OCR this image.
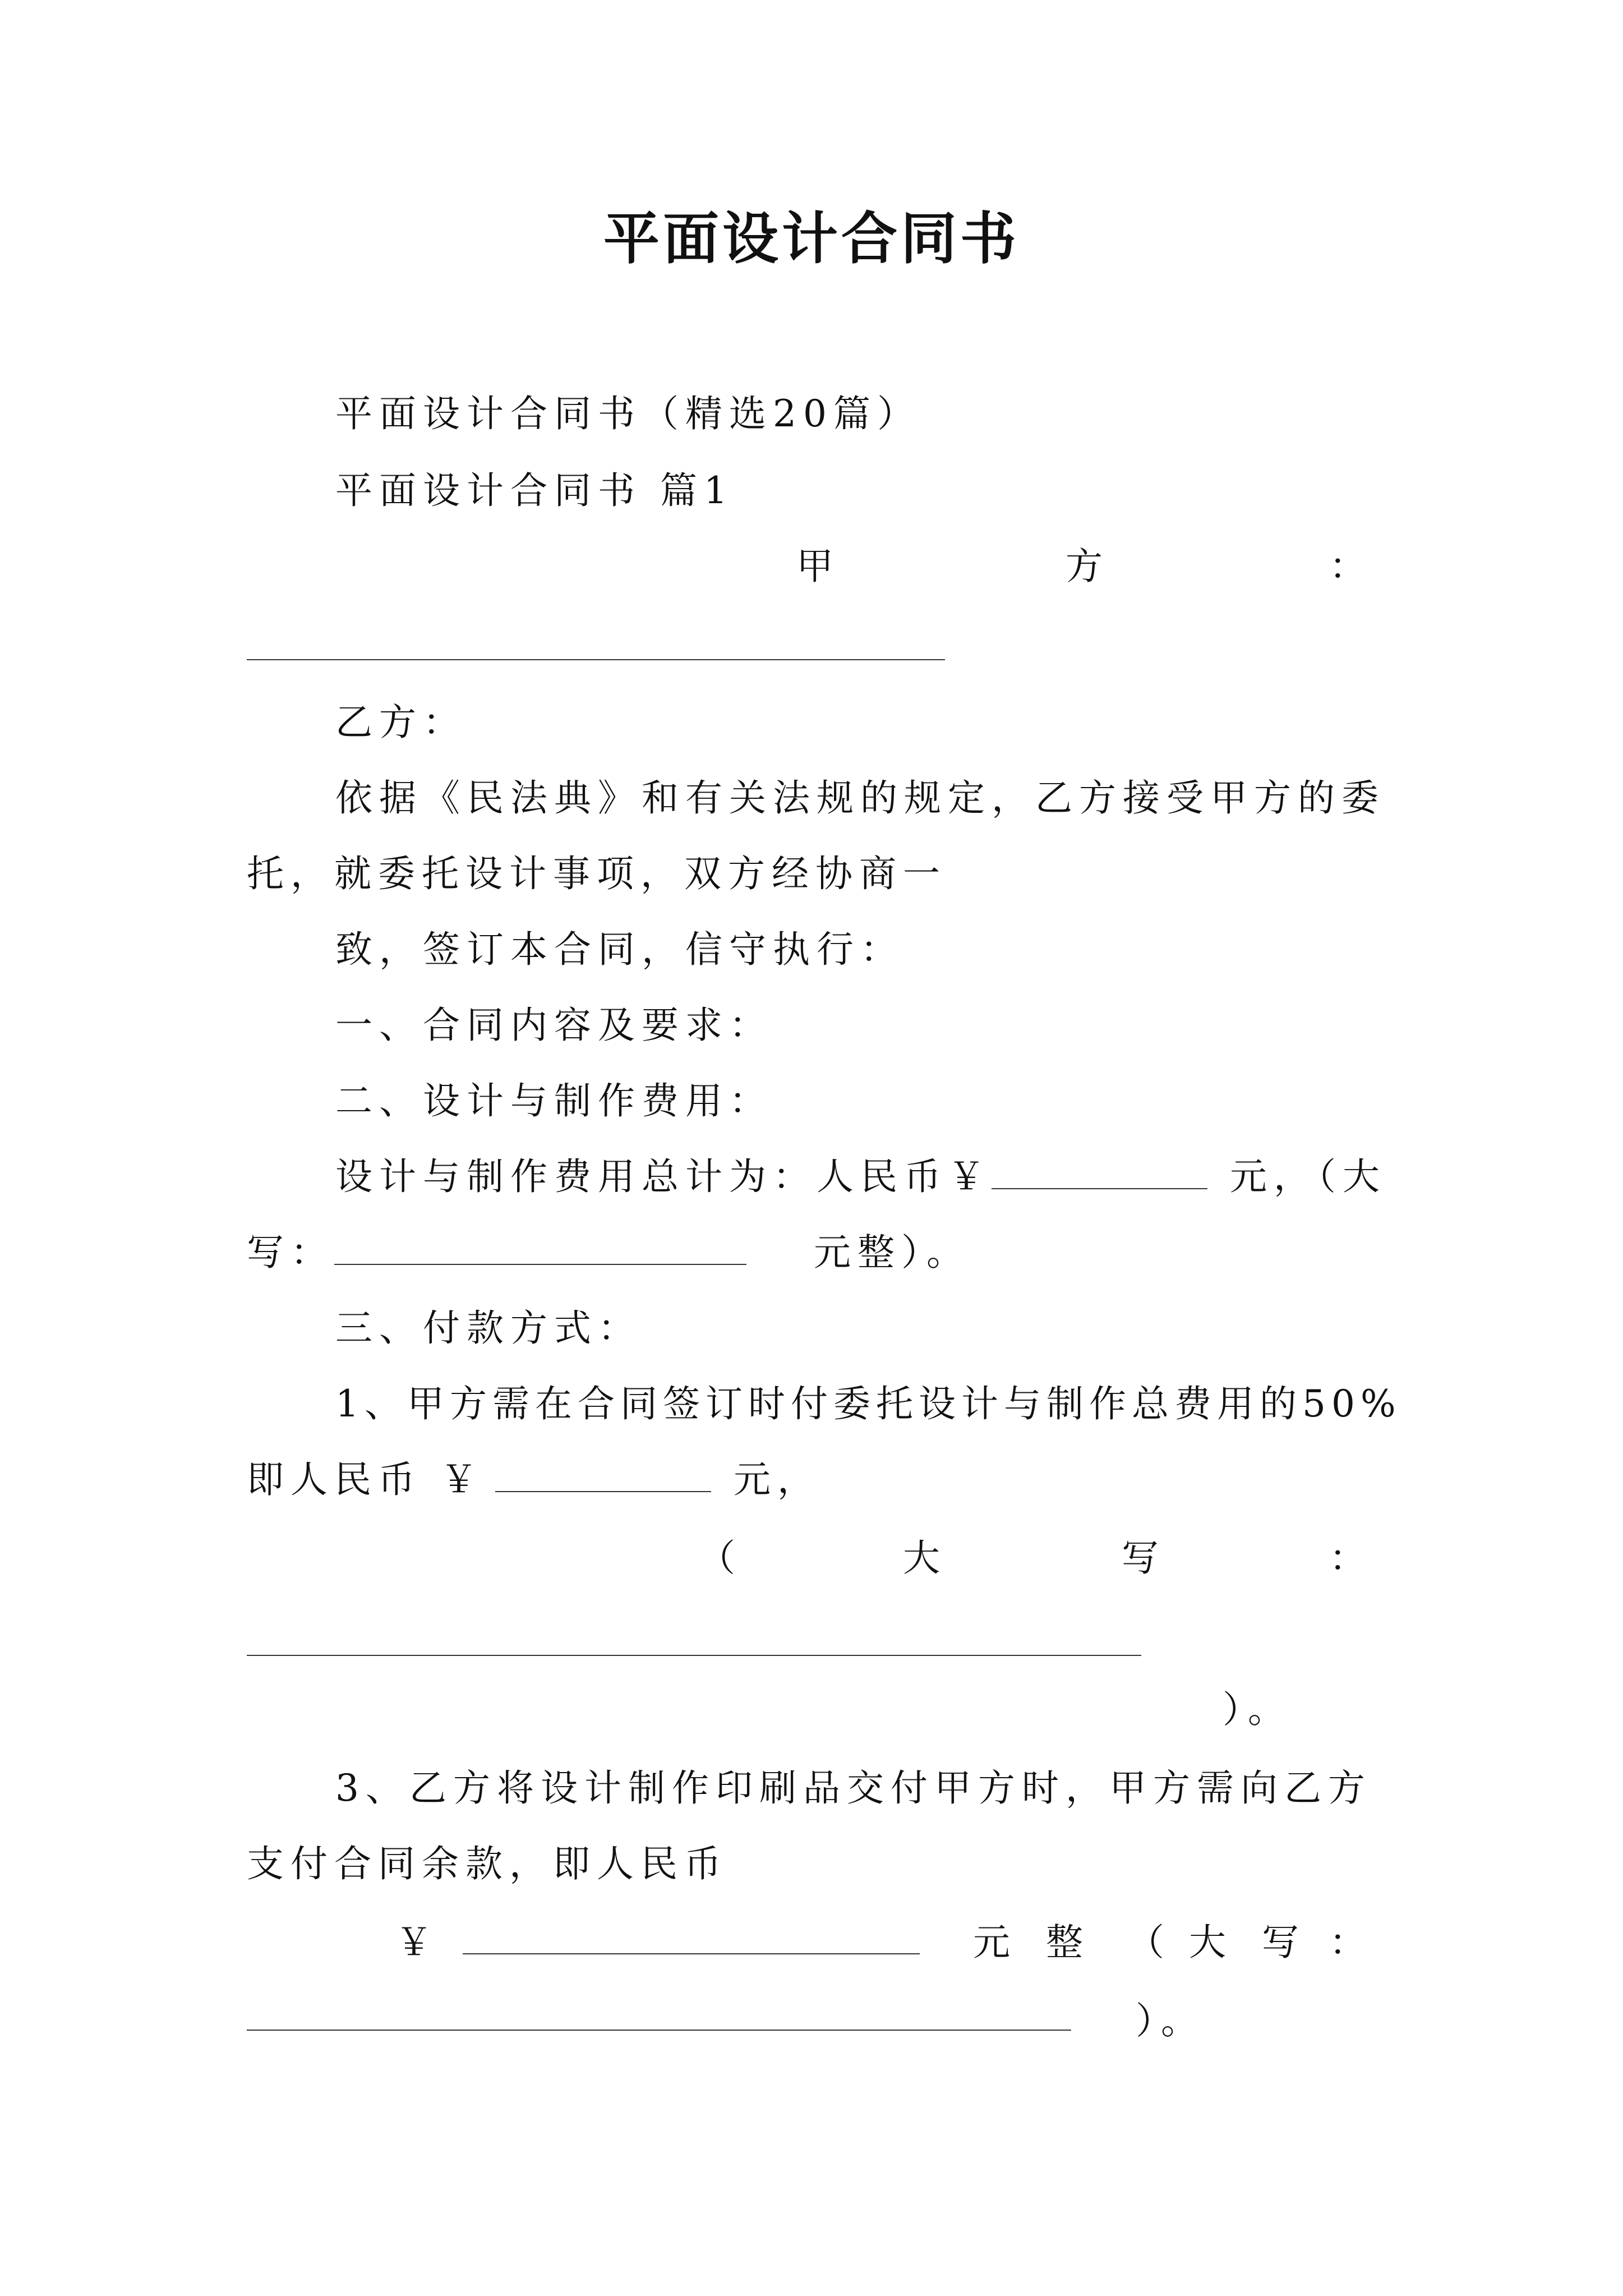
平面设计合同书
平面设计合同书（精选20篇）
平面设计合同书 篇1
甲	方	：
乙方：
依据《民法典》和有关法规的规定，乙方接受甲方的委
托，就委托设计事项，双方经协商一
致，签订本合同，信守执行：
一、合同内容及要求：
二、设计与制作费用：
设计与制作费用总计为：人民币￥	元，（大
写：	元整）。
三、付款方式：
1、甲方需在合同签订时付委托设计与制作总费用的50%
即人民币 ￥	元，
（	大	写	：
）。
3、乙方将设计制作印刷品交付甲方时，甲方需向乙方
支付合同余款，即人民币
￥	元 整 （ 大 写 ：
）。
